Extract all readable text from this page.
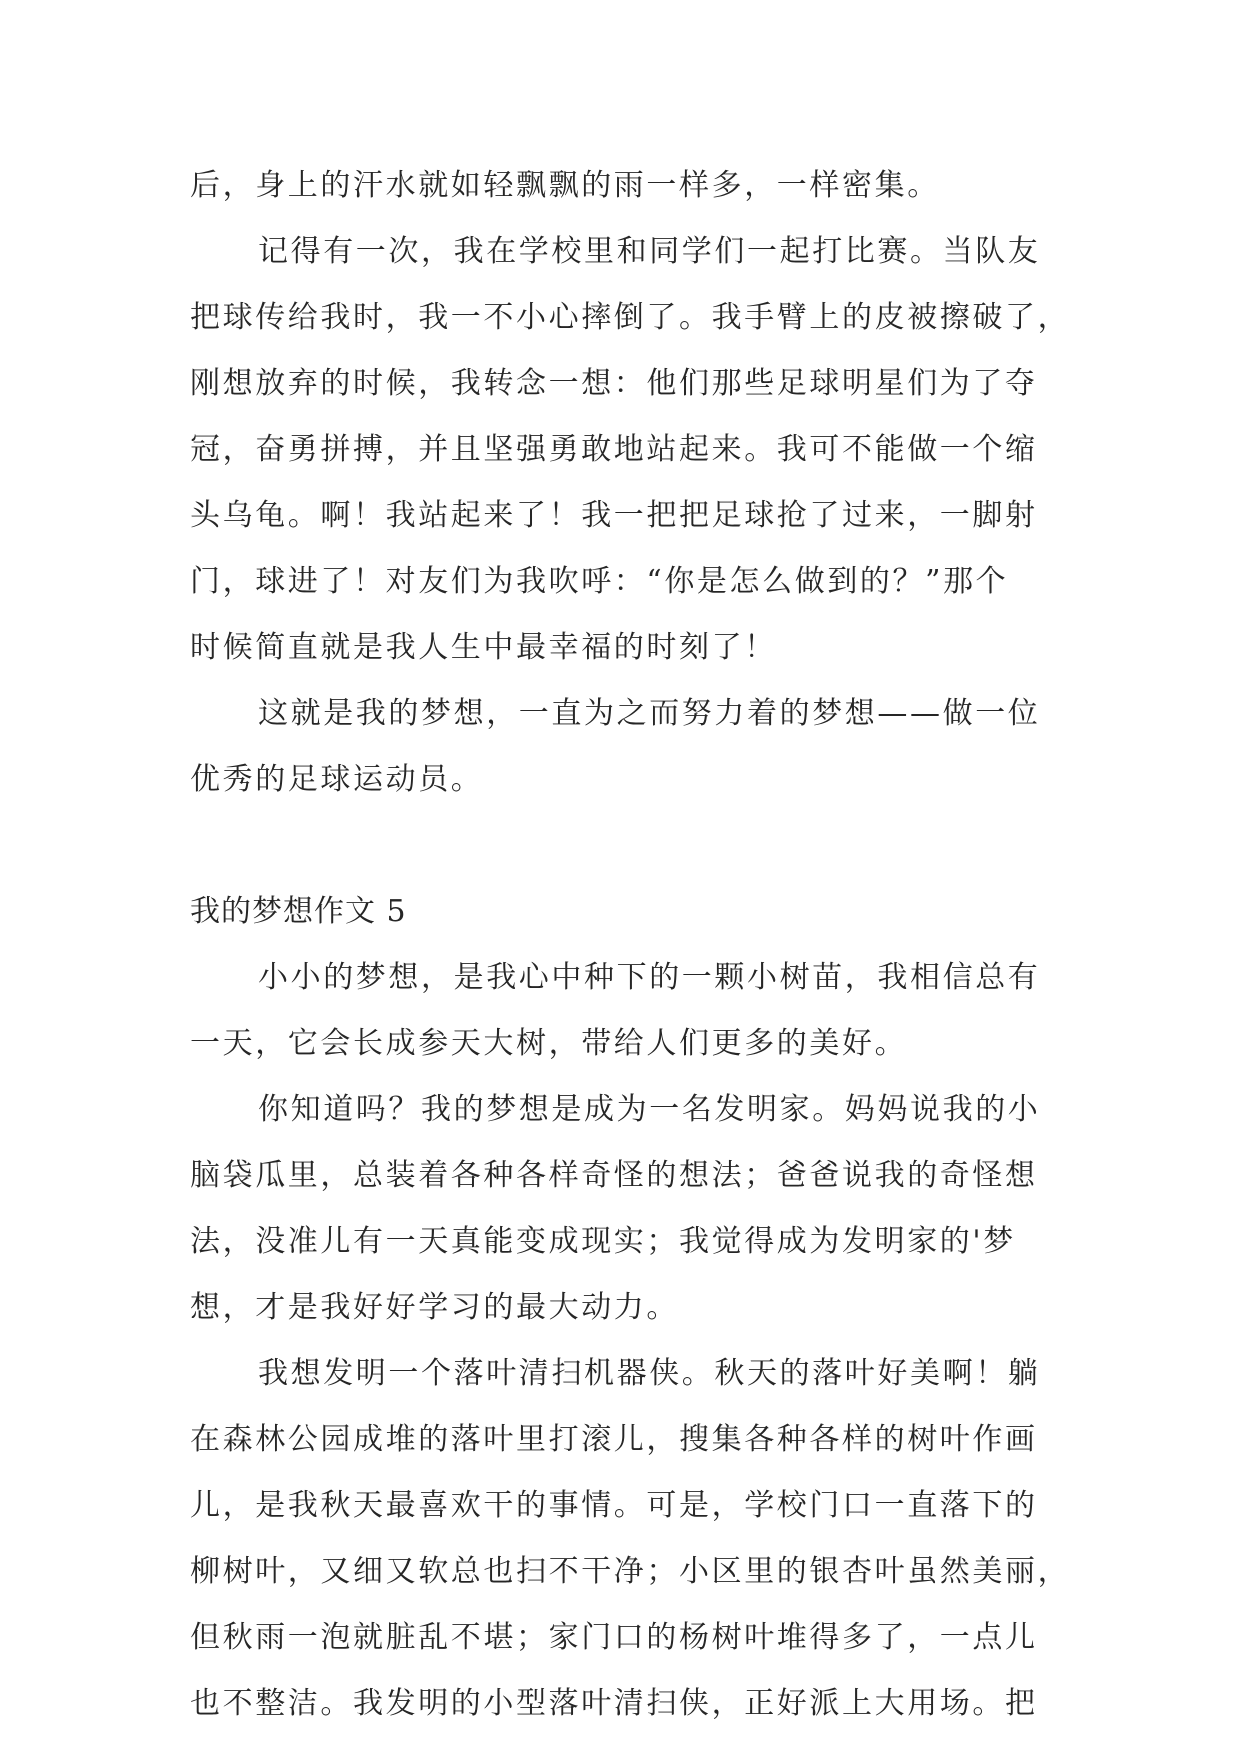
后，身上的汗水就如轻飘飘的雨一样多，一样密集。

记得有一次，我在学校里和同学们一起打比赛。当队友

把球传给我时，我一不小心摔倒了。我手臂上的皮被擦破了，

刚想放弃的时候，我转念一想：他们那些足球明星们为了夺

冠，奋勇拼搏，并且坚强勇敢地站起来。我可不能做一个缩

头乌龟。啊！我站起来了！我一把把足球抢了过来，一脚射

门，球进了！对友们为我吹呼：“你是怎么做到的？”那个

时候简直就是我人生中最幸福的时刻了！

这就是我的梦想，一直为之而努力着的梦想——做一位

优秀的足球运动员。

我的梦想作文 5

小小的梦想，是我心中种下的一颗小树苗，我相信总有

一天，它会长成参天大树，带给人们更多的美好。

你知道吗？我的梦想是成为一名发明家。妈妈说我的小

脑袋瓜里，总装着各种各样奇怪的想法；爸爸说我的奇怪想

法，没准儿有一天真能变成现实；我觉得成为发明家的'梦

想，才是我好好学习的最大动力。

我想发明一个落叶清扫机器侠。秋天的落叶好美啊！躺

在森林公园成堆的落叶里打滚儿，搜集各种各样的树叶作画

儿，是我秋天最喜欢干的事情。可是，学校门口一直落下的

柳树叶，又细又软总也扫不干净；小区里的银杏叶虽然美丽，

但秋雨一泡就脏乱不堪；家门口的杨树叶堆得多了，一点儿

也不整洁。我发明的小型落叶清扫侠，正好派上大用场。把
